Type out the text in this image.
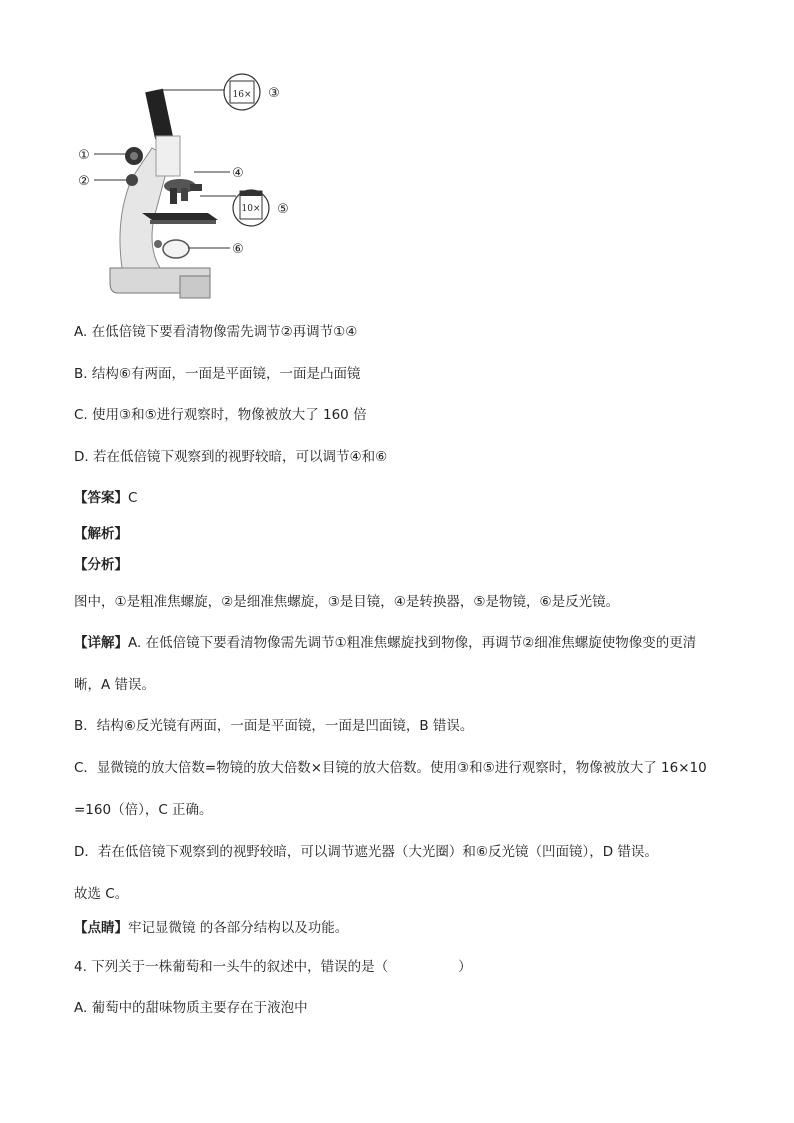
16×
10×
①
②
③
④
⑤
⑥
A. 在低倍镜下要看清物像需先调节②再调节①④
B. 结构⑥有两面，一面是平面镜，一面是凸面镜
C. 使用③和⑤进行观察时，物像被放大了 160 倍
D. 若在低倍镜下观察到的视野较暗，可以调节④和⑥
【答案】C
【解析】
【分析】
图中，①是粗准焦螺旋，②是细准焦螺旋，③是目镜，④是转换器，⑤是物镜，⑥是反光镜。
【详解】A. 在低倍镜下要看清物像需先调节①粗准焦螺旋找到物像，再调节②细准焦螺旋使物像变的更清
晰，A 错误。
B．结构⑥反光镜有两面，一面是平面镜，一面是凹面镜，B 错误。
C．显微镜的放大倍数=物镜的放大倍数×目镜的放大倍数。使用③和⑤进行观察时，物像被放大了 16×10
=160（倍），C 正确。
D．若在低倍镜下观察到的视野较暗，可以调节遮光器（大光圈）和⑥反光镜（凹面镜），D 错误。
故选 C。
【点睛】牢记显微镜 的各部分结构以及功能。
4. 下列关于一株葡萄和一头牛的叙述中，错误的是（	）
A. 葡萄中的甜味物质主要存在于液泡中
